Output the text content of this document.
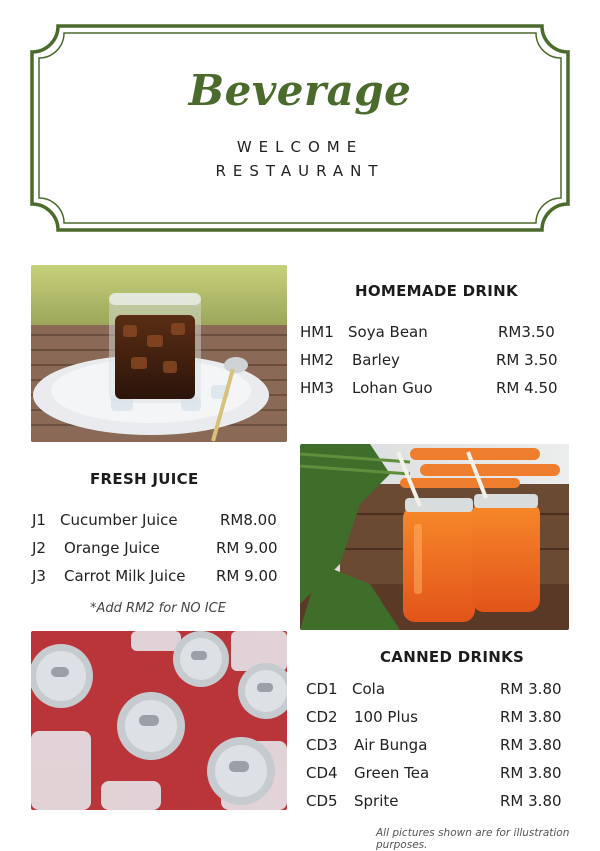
Beverage
WELCOME
RESTAURANT
HOMEMADE DRINK
HM1 Soya Bean	RM3.50
HM2 Barley	RM 3.50
HM3 Lohan Guo	RM 4.50
FRESH JUICE
J1 Cucumber Juice	RM8.00
J2 Orange Juice	RM 9.00
J3 Carrot Milk Juice RM 9.00
*Add RM2 for NO ICE
CANNED DRINKS
CD1 Cola	RM 3.80
CD2 100 Plus	RM 3.80
CD3 Air Bunga	RM 3.80
CD4 Green Tea	RM 3.80
CD5 Sprite	RM 3.80
All pictures shown are for illustration purposes.
